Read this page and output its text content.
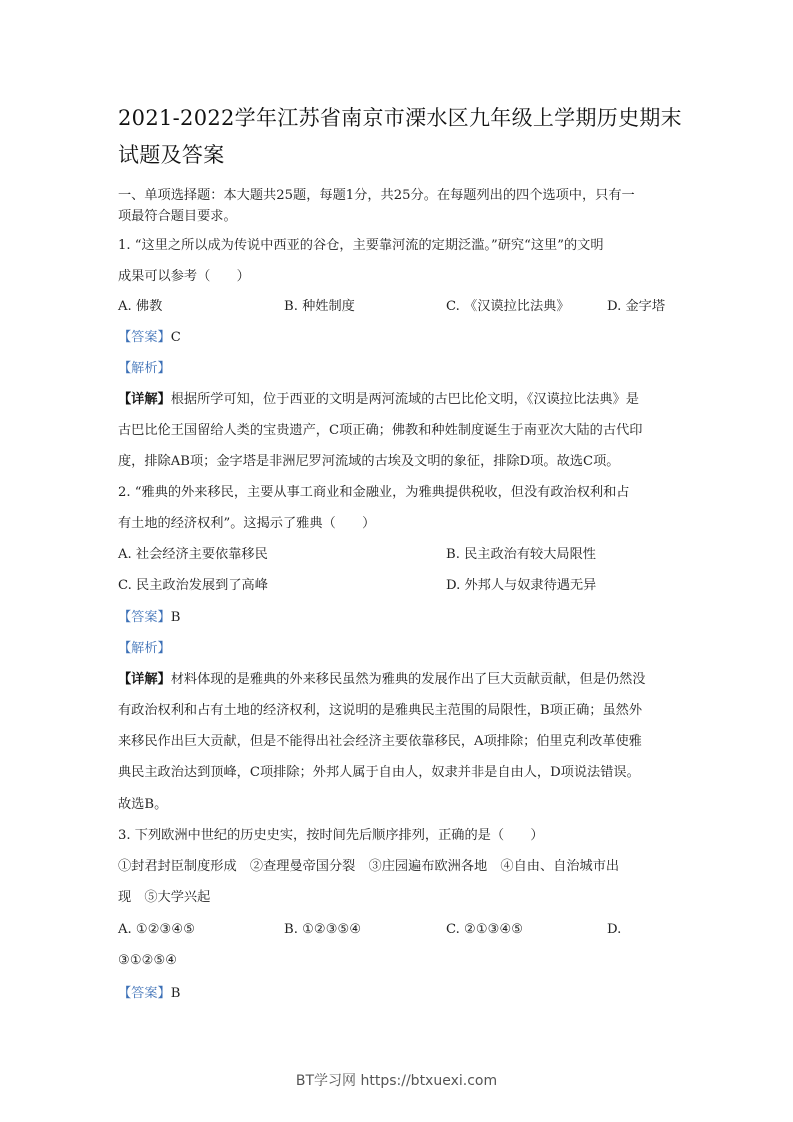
2021-2022学年江苏省南京市溧水区九年级上学期历史期末
试题及答案
一、单项选择题：本大题共25题，每题1分，共25分。在每题列出的四个选项中，只有一
项最符合题目要求。
1. “这里之所以成为传说中西亚的谷仓，主要靠河流的定期泛滥。”研究“这里”的文明
成果可以参考（　　）
A. 佛教	B. 种姓制度	C. 《汉谟拉比法典》	D. 金字塔
【答案】C
【解析】
【详解】根据所学可知，位于西亚的文明是两河流域的古巴比伦文明，《汉谟拉比法典》是
古巴比伦王国留给人类的宝贵遗产，C项正确；佛教和种姓制度诞生于南亚次大陆的古代印
度，排除AB项；金字塔是非洲尼罗河流域的古埃及文明的象征，排除D项。故选C项。
2. “雅典的外来移民，主要从事工商业和金融业，为雅典提供税收，但没有政治权利和占
有土地的经济权利”。这揭示了雅典（　　）
A. 社会经济主要依靠移民	B. 民主政治有较大局限性
C. 民主政治发展到了高峰	D. 外邦人与奴隶待遇无异
【答案】B
【解析】
【详解】材料体现的是雅典的外来移民虽然为雅典的发展作出了巨大贡献贡献，但是仍然没
有政治权利和占有土地的经济权利，这说明的是雅典民主范围的局限性，B项正确；虽然外
来移民作出巨大贡献，但是不能得出社会经济主要依靠移民，A项排除；伯里克利改革使雅
典民主政治达到顶峰，C项排除；外邦人属于自由人，奴隶并非是自由人，D项说法错误。
故选B。
3. 下列欧洲中世纪的历史史实，按时间先后顺序排列，正确的是（　　）
①封君封臣制度形成　②查理曼帝国分裂　③庄园遍布欧洲各地　④自由、自治城市出
现　⑤大学兴起
A. ①②③④⑤	B. ①②③⑤④	C. ②①③④⑤	D.
③①②⑤④
【答案】B
BT学习网 https://btxuexi.com
